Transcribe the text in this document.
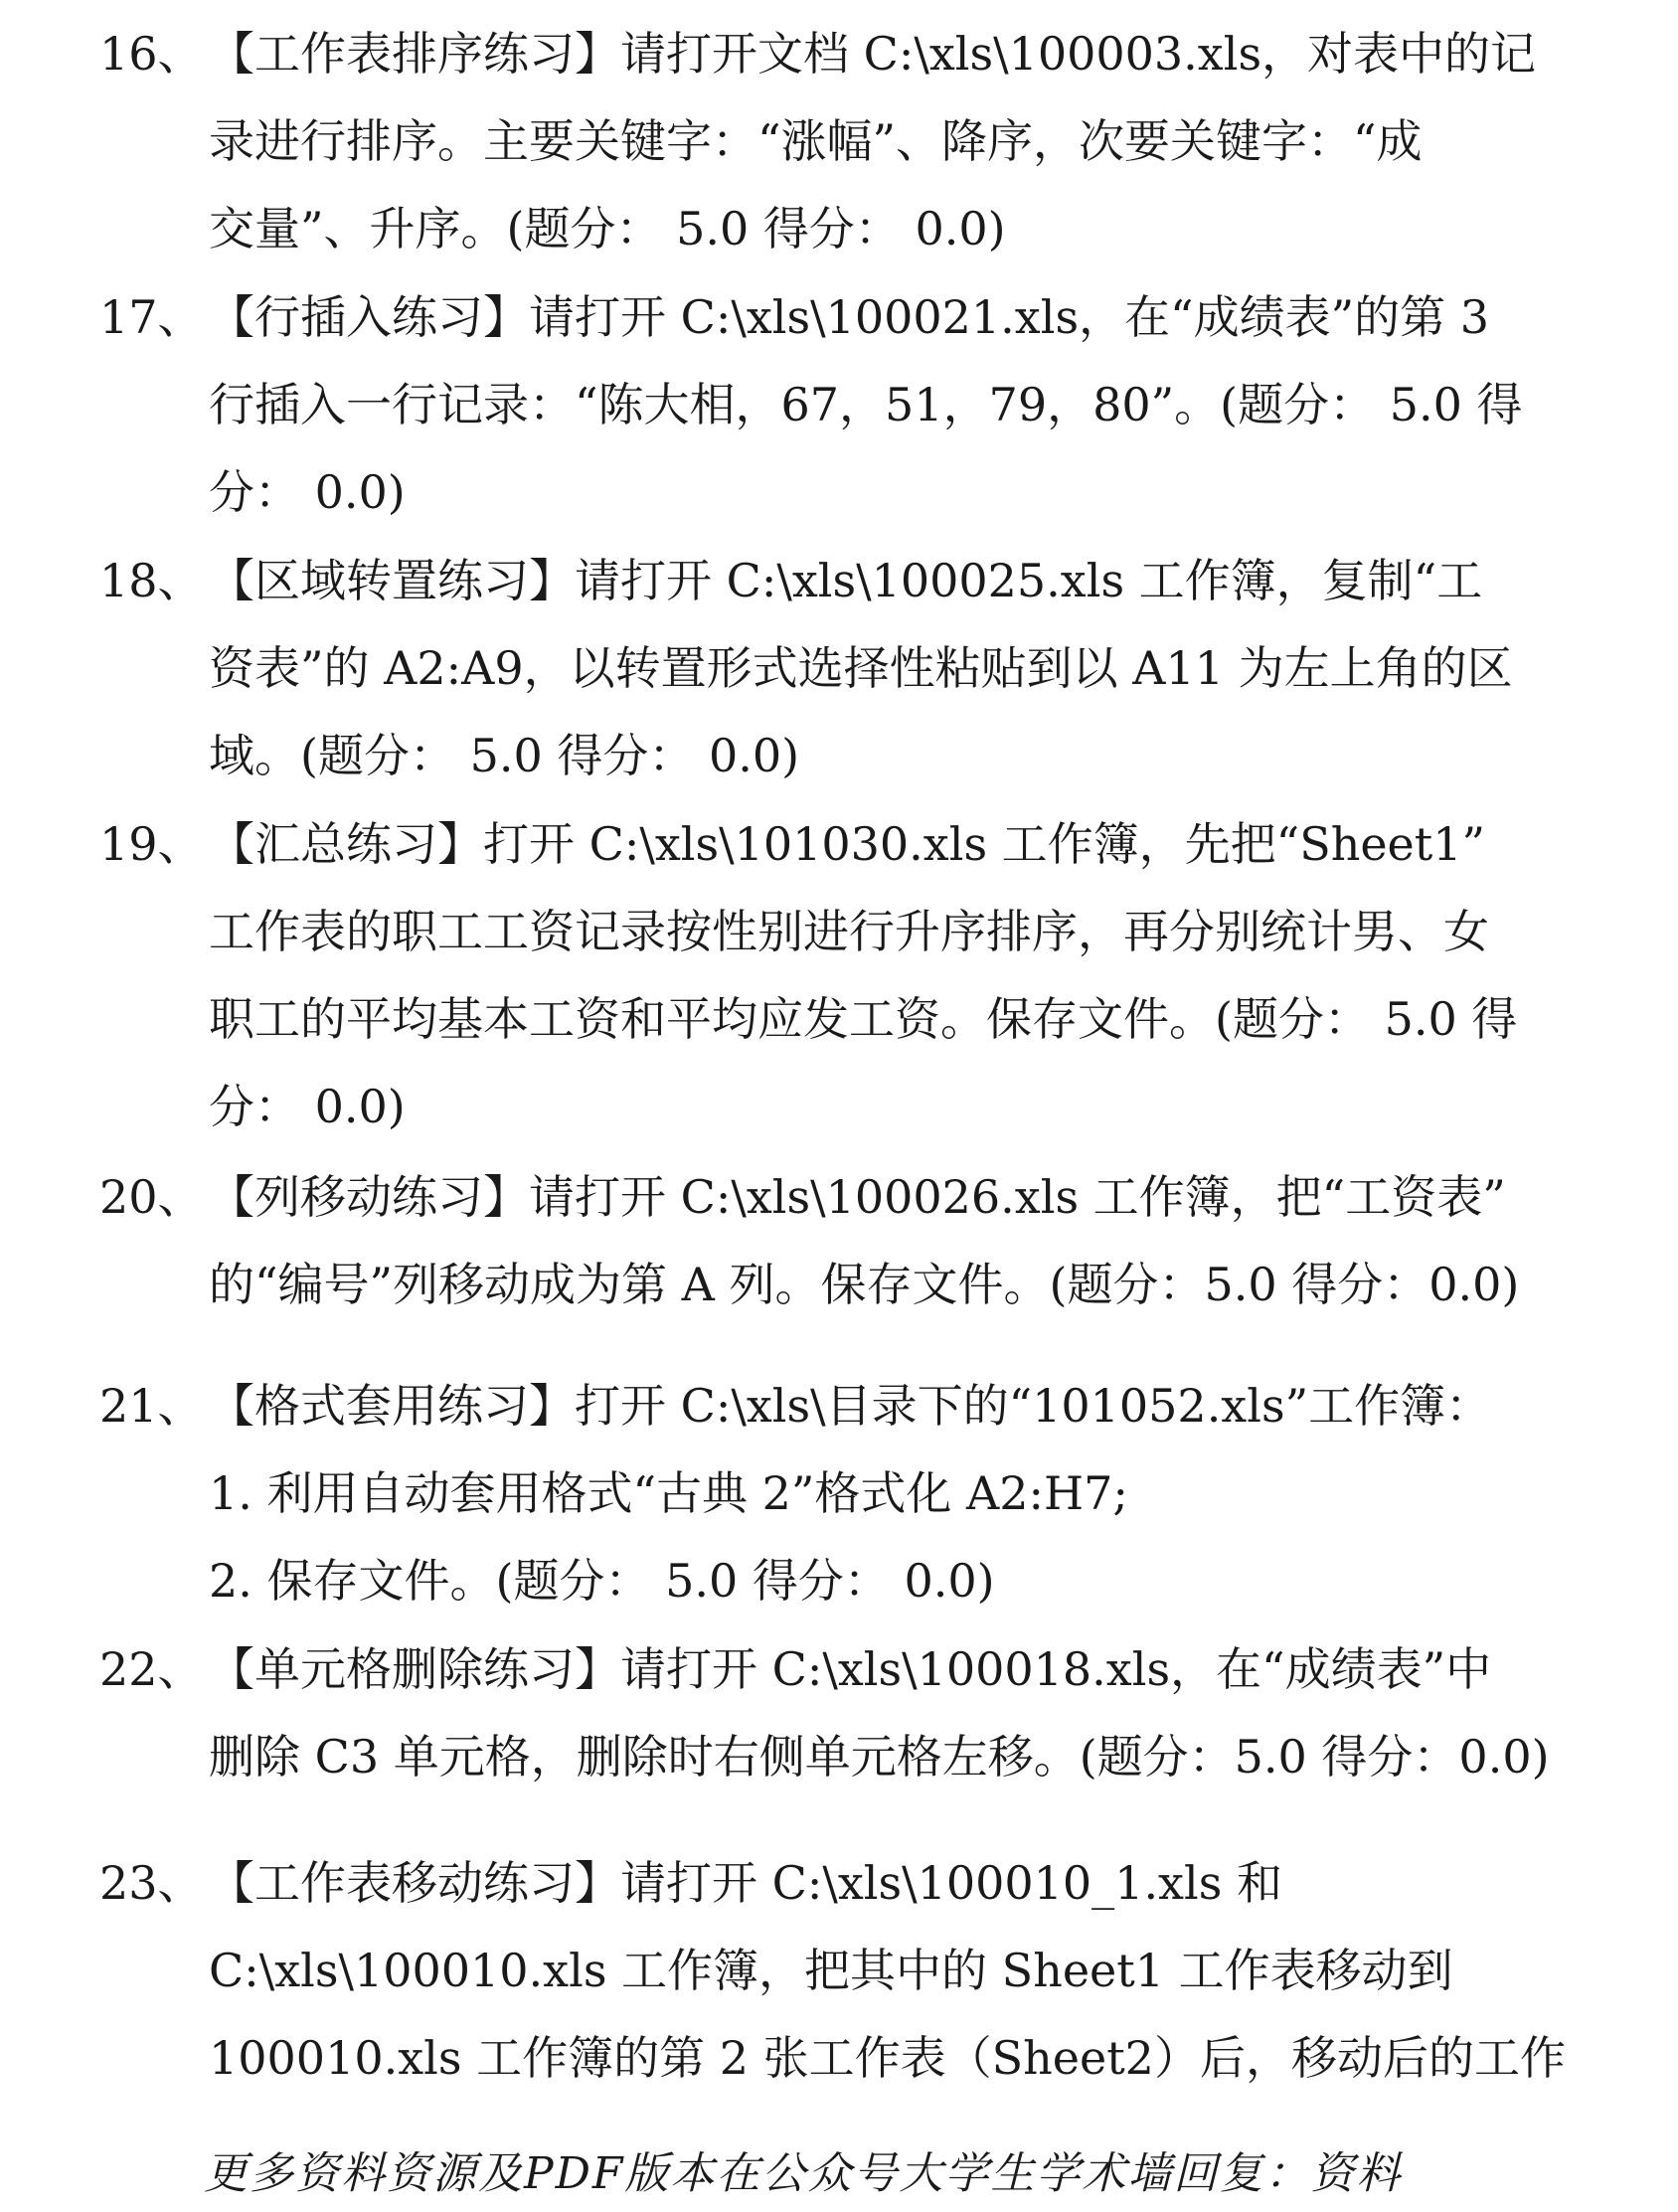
16、 【工作表排序练习】请打开文档 C:\xls\100003.xls，对表中的记
录进行排序。主要关键字：“涨幅”、降序，次要关键字：“成
交量”、升序。(题分： 5.0 得分： 0.0)
17、 【行插入练习】请打开 C:\xls\100021.xls，在“成绩表”的第 3
行插入一行记录：“陈大相，67，51，79，80”。(题分： 5.0 得
分： 0.0)
18、 【区域转置练习】请打开 C:\xls\100025.xls 工作簿，复制“工
资表”的 A2:A9，以转置形式选择性粘贴到以 A11 为左上角的区
域。(题分： 5.0 得分： 0.0)
19、 【汇总练习】打开 C:\xls\101030.xls 工作簿，先把“Sheet1”
工作表的职工工资记录按性别进行升序排序，再分别统计男、女
职工的平均基本工资和平均应发工资。保存文件。(题分： 5.0 得
分： 0.0)
20、 【列移动练习】请打开 C:\xls\100026.xls 工作簿，把“工资表”
的“编号”列移动成为第 A 列。保存文件。(题分：5.0 得分：0.0)
21、 【格式套用练习】打开 C:\xls\目录下的“101052.xls”工作簿：
1. 利用自动套用格式“古典 2”格式化 A2:H7;
2. 保存文件。(题分： 5.0 得分： 0.0)
22、 【单元格删除练习】请打开 C:\xls\100018.xls，在“成绩表”中
删除 C3 单元格，删除时右侧单元格左移。(题分：5.0 得分：0.0)
23、 【工作表移动练习】请打开 C:\xls\100010_1.xls 和
C:\xls\100010.xls 工作簿，把其中的 Sheet1 工作表移动到
100010.xls 工作簿的第 2 张工作表（Sheet2）后，移动后的工作
更多资料资源及PDF版本在公众号大学生学术墙回复：资料
